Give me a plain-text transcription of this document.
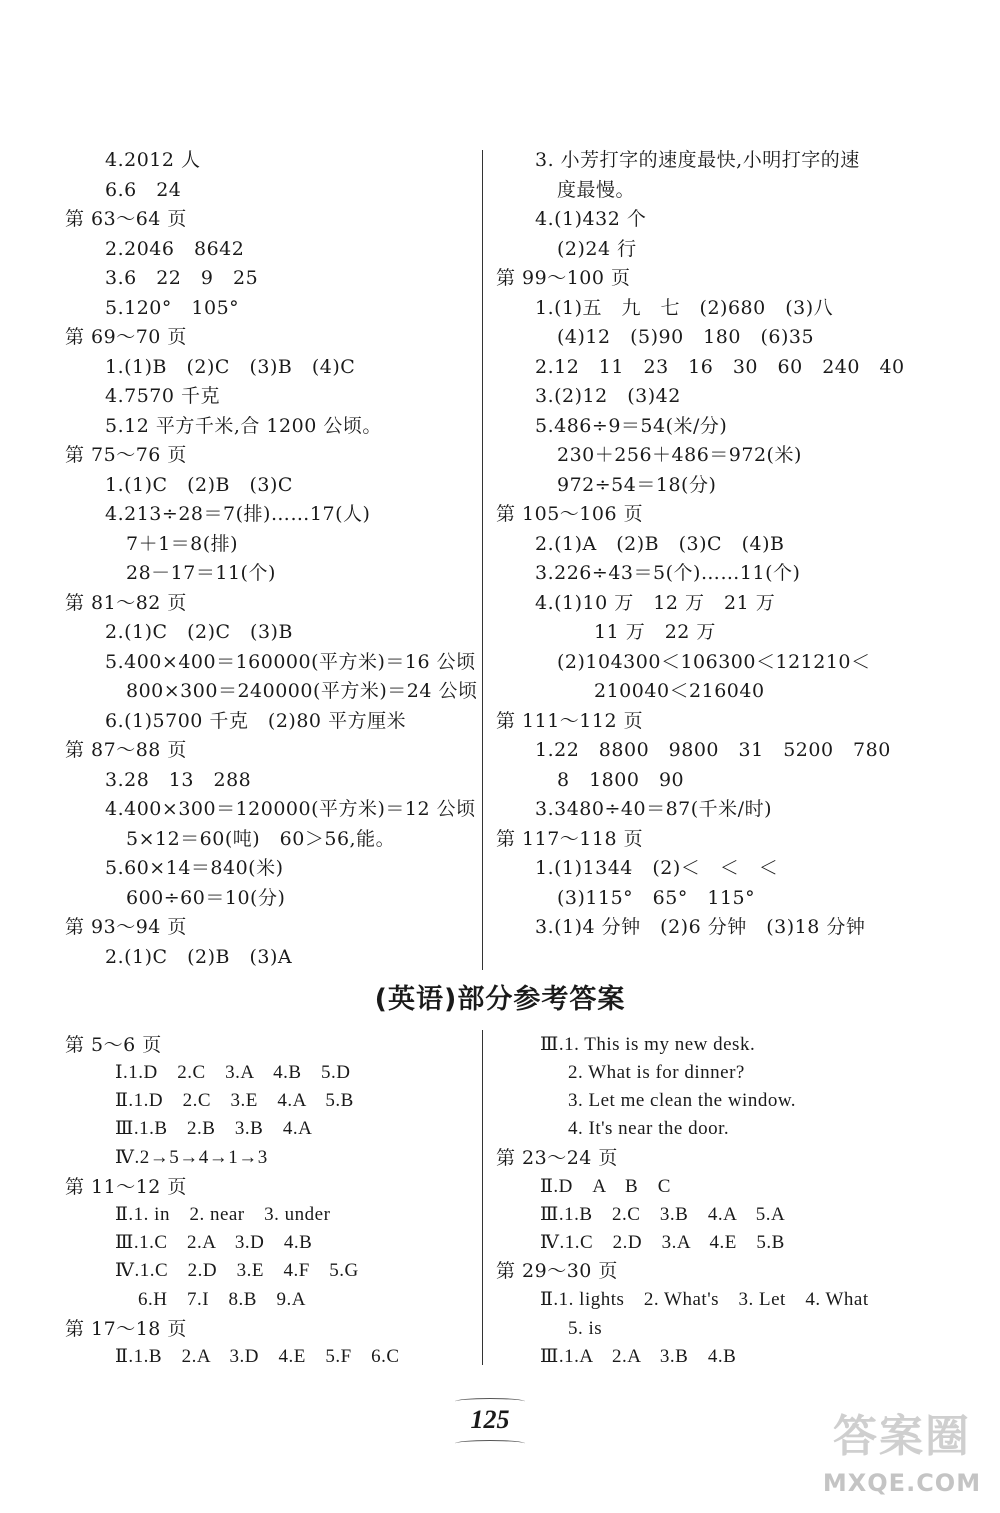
4.2012 人
6.6　24
第 63～64 页
2.2046　8642
3.6　22　9　25
5.120°　105°
第 69～70 页
1.(1)B　(2)C　(3)B　(4)C
4.7570 千克
5.12 平方千米,合 1200 公顷。
第 75～76 页
1.(1)C　(2)B　(3)C
4.213÷28＝7(排)……17(人)
7＋1＝8(排)
28－17＝11(个)
第 81～82 页
2.(1)C　(2)C　(3)B
5.400×400＝160000(平方米)＝16 公顷
800×300＝240000(平方米)＝24 公顷
6.(1)5700 千克　(2)80 平方厘米
第 87～88 页
3.28　13　288
4.400×300＝120000(平方米)＝12 公顷
5×12＝60(吨)　60＞56,能。
5.60×14＝840(米)
600÷60＝10(分)
第 93～94 页
2.(1)C　(2)B　(3)A
3. 小芳打字的速度最快,小明打字的速
度最慢。
4.(1)432 个
(2)24 行
第 99～100 页
1.(1)五　九　七　(2)680　(3)八
(4)12　(5)90　180　(6)35
2.12　11　23　16　30　60　240　40
3.(2)12　(3)42
5.486÷9＝54(米/分)
230＋256＋486＝972(米)
972÷54＝18(分)
第 105～106 页
2.(1)A　(2)B　(3)C　(4)B
3.226÷43＝5(个)……11(个)
4.(1)10 万　12 万　21 万
11 万　22 万
(2)104300＜106300＜121210＜
210040＜216040
第 111～112 页
1.22　8800　9800　31　5200　780
8　1800　90
3.3480÷40＝87(千米/时)
第 117～118 页
1.(1)1344　(2)＜　＜　＜
(3)115°　65°　115°
3.(1)4 分钟　(2)6 分钟　(3)18 分钟
(英语)部分参考答案
第 5～6 页
Ⅰ.1.D　2.C　3.A　4.B　5.D
Ⅱ.1.D　2.C　3.E　4.A　5.B
Ⅲ.1.B　2.B　3.B　4.A
Ⅳ.2→5→4→1→3
第 11～12 页
Ⅱ.1. in　2. near　3. under
Ⅲ.1.C　2.A　3.D　4.B
Ⅳ.1.C　2.D　3.E　4.F　5.G
6.H　7.I　8.B　9.A
第 17～18 页
Ⅱ.1.B　2.A　3.D　4.E　5.F　6.C
Ⅲ.1. This is my new desk.
2. What is for dinner?
3. Let me clean the window.
4. It's near the door.
第 23～24 页
Ⅱ.D　A　B　C
Ⅲ.1.B　2.C　3.B　4.A　5.A
Ⅳ.1.C　2.D　3.A　4.E　5.B
第 29～30 页
Ⅱ.1. lights　2. What's　3. Let　4. What
5. is
Ⅲ.1.A　2.A　3.B　4.B
125	答案圈
MXQE.COM
